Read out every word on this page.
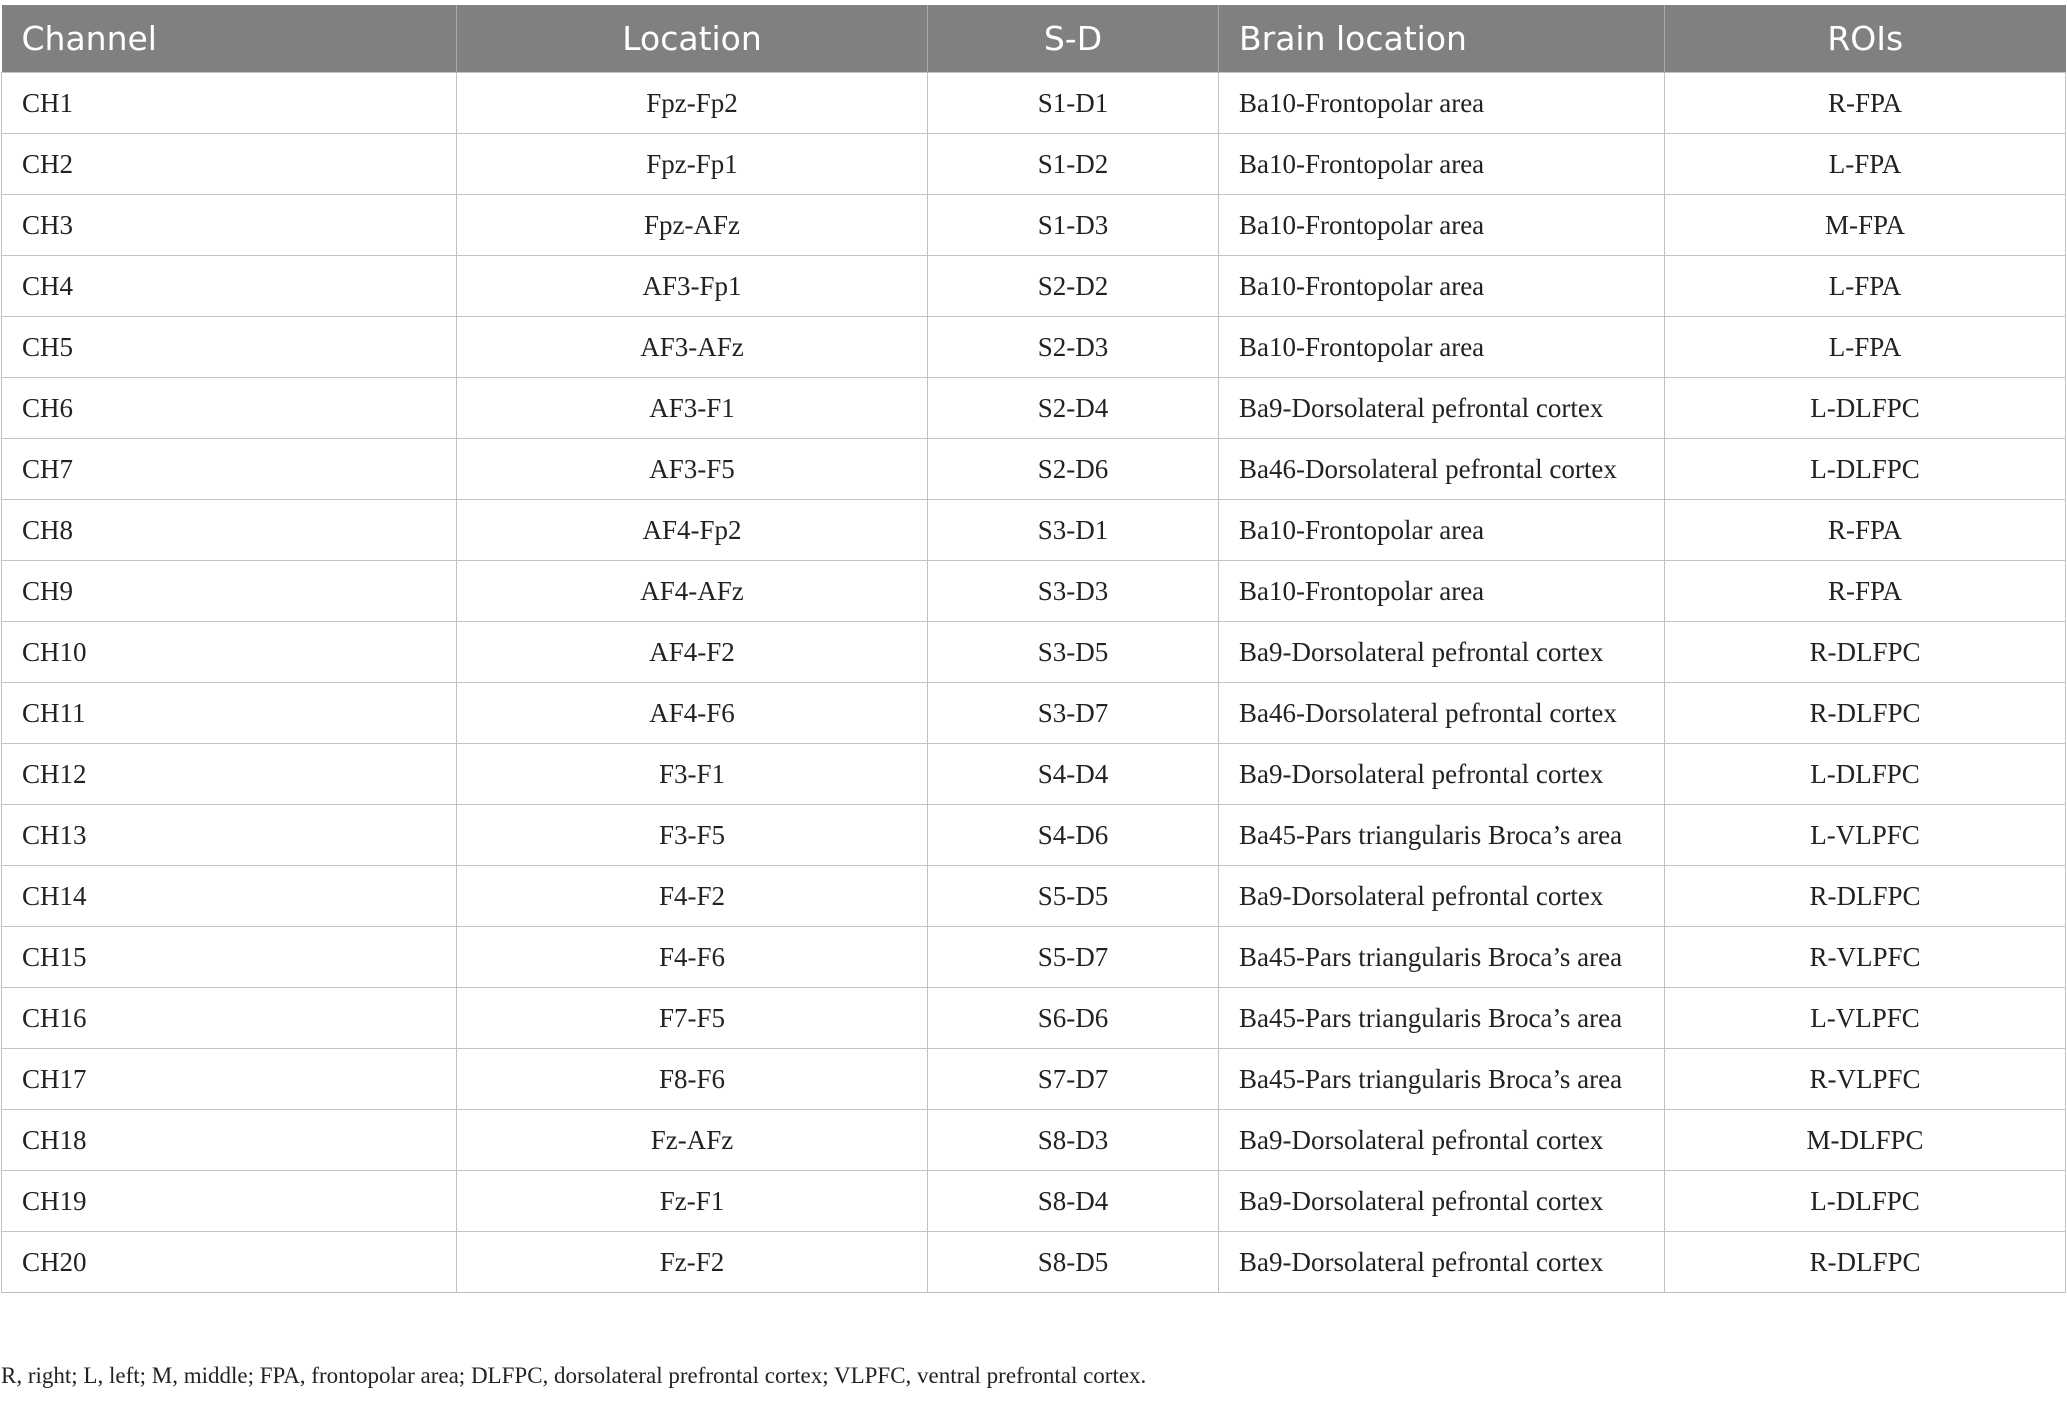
Channel	Location	S-D	Brain location	ROIs
CH1	Fpz-Fp2	S1-D1	Ba10-Frontopolar area	R-FPA
CH2	Fpz-Fp1	S1-D2	Ba10-Frontopolar area	L-FPA
CH3	Fpz-AFz	S1-D3	Ba10-Frontopolar area	M-FPA
CH4	AF3-Fp1	S2-D2	Ba10-Frontopolar area	L-FPA
CH5	AF3-AFz	S2-D3	Ba10-Frontopolar area	L-FPA
CH6	AF3-F1	S2-D4	Ba9-Dorsolateral pefrontal cortex	L-DLFPC
CH7	AF3-F5	S2-D6	Ba46-Dorsolateral pefrontal cortex	L-DLFPC
CH8	AF4-Fp2	S3-D1	Ba10-Frontopolar area	R-FPA
CH9	AF4-AFz	S3-D3	Ba10-Frontopolar area	R-FPA
CH10	AF4-F2	S3-D5	Ba9-Dorsolateral pefrontal cortex	R-DLFPC
CH11	AF4-F6	S3-D7	Ba46-Dorsolateral pefrontal cortex	R-DLFPC
CH12	F3-F1	S4-D4	Ba9-Dorsolateral pefrontal cortex	L-DLFPC
CH13	F3-F5	S4-D6	Ba45-Pars triangularis Broca’s area	L-VLPFC
CH14	F4-F2	S5-D5	Ba9-Dorsolateral pefrontal cortex	R-DLFPC
CH15	F4-F6	S5-D7	Ba45-Pars triangularis Broca’s area	R-VLPFC
CH16	F7-F5	S6-D6	Ba45-Pars triangularis Broca’s area	L-VLPFC
CH17	F8-F6	S7-D7	Ba45-Pars triangularis Broca’s area	R-VLPFC
CH18	Fz-AFz	S8-D3	Ba9-Dorsolateral pefrontal cortex	M-DLFPC
CH19	Fz-F1	S8-D4	Ba9-Dorsolateral pefrontal cortex	L-DLFPC
CH20	Fz-F2	S8-D5	Ba9-Dorsolateral pefrontal cortex	R-DLFPC
R, right; L, left; M, middle; FPA, frontopolar area; DLFPC, dorsolateral prefrontal cortex; VLPFC, ventral prefrontal cortex.
